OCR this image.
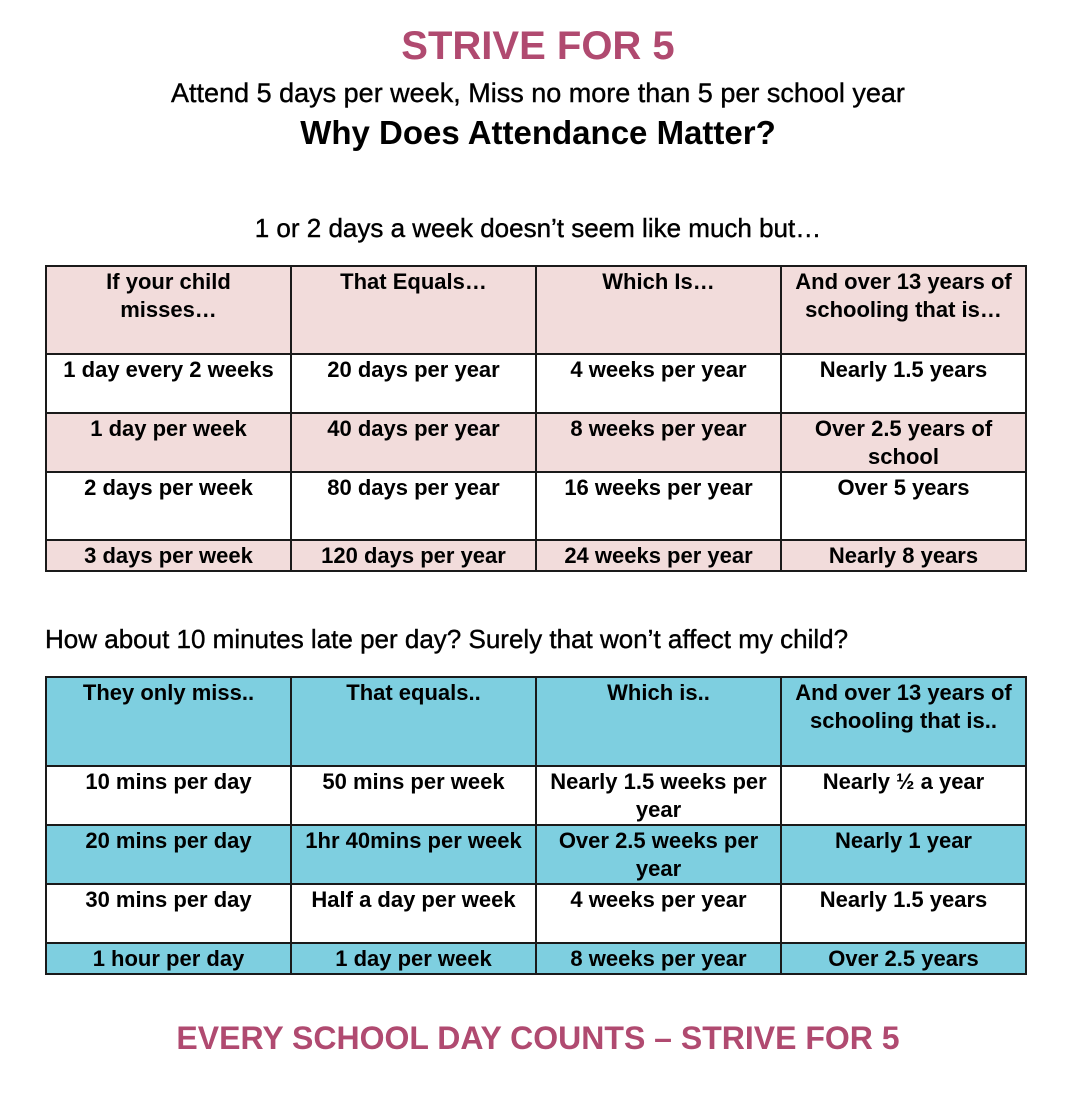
STRIVE FOR 5
Attend 5 days per week, Miss no more than 5 per school year
Why Does Attendance Matter?
1 or 2 days a week doesn’t seem like much but…
If your child misses…	That Equals…	Which Is…	And over 13 years of schooling that is…
1 day every 2 weeks	20 days per year	4 weeks per year	Nearly 1.5 years
1 day per week	40 days per year	8 weeks per year	Over 2.5 years of school
2 days per week	80 days per year	16 weeks per year	Over 5 years
3 days per week	120 days per year	24 weeks per year	Nearly 8 years
How about 10 minutes late per day? Surely that won’t affect my child?
They only miss..	That equals..	Which is..	And over 13 years of schooling that is..
10 mins per day	50 mins per week	Nearly 1.5 weeks per year	Nearly ½ a year
20 mins per day	1hr 40mins per week	Over 2.5 weeks per year	Nearly 1 year
30 mins per day	Half a day per week	4 weeks per year	Nearly 1.5 years
1 hour per day	1 day per week	8 weeks per year	Over 2.5 years
EVERY SCHOOL DAY COUNTS – STRIVE FOR 5
